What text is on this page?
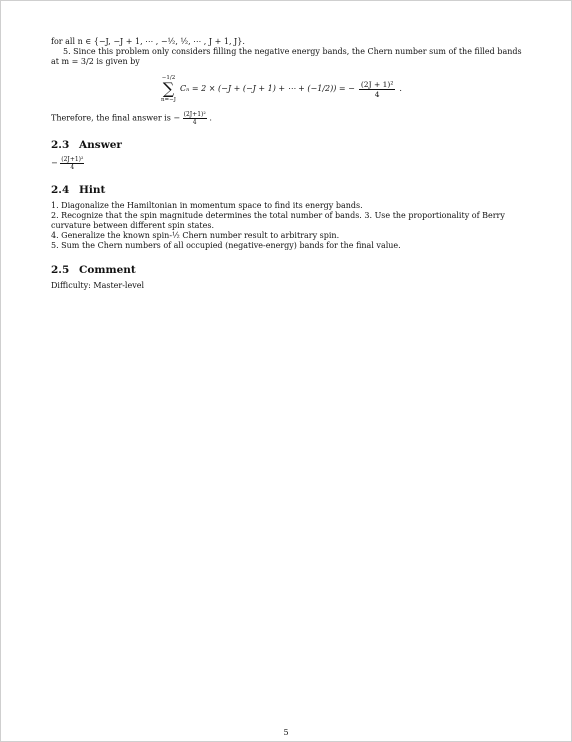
for all n ∈ {−J, −J + 1, ⋯ , −½, ½, ⋯ , J + 1, J}.
5. Since this problem only considers filling the negative energy bands, the Chern number sum of the filled bands
at m = 3/2 is given by
−1/2
∑
n=−J
Cₙ = 2 × (−J + (−J + 1) + ⋯ + (−1/2)) = − $\frac{\text{(2J + 1)²}}{4}$ .
Therefore, the final answer is − $\frac{\text{(2J+1)²}}{4}$ .
2.3 Answer
− $\frac{\text{(2J+1)²}}{4}$
2.4 Hint
1. Diagonalize the Hamiltonian in momentum space to find its energy bands.
2. Recognize that the spin magnitude determines the total number of bands. 3. Use the proportionality of Berry
curvature between different spin states.
4. Generalize the known spin-½ Chern number result to arbitrary spin.
5. Sum the Chern numbers of all occupied (negative-energy) bands for the final value.
2.5 Comment
Difficulty: Master-level
5
